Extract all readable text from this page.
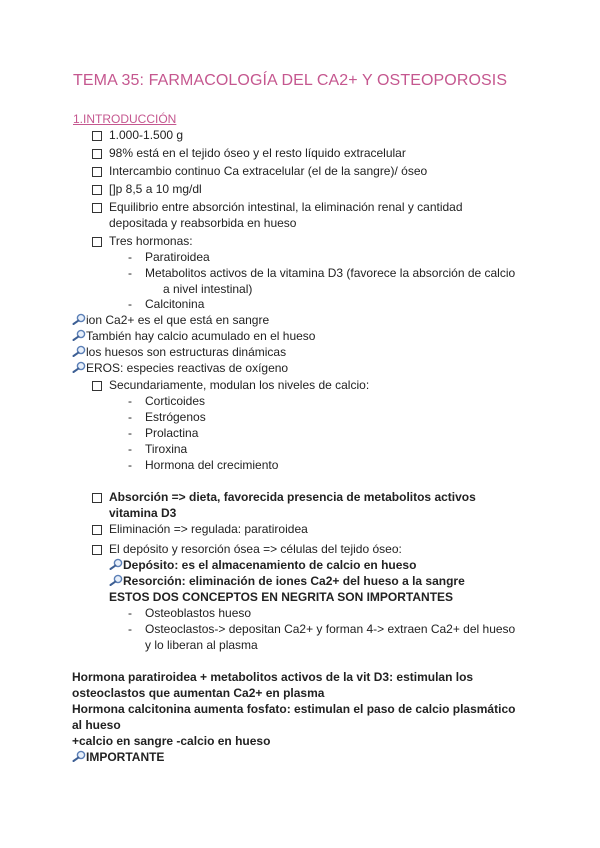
TEMA 35: FARMACOLOGÍA DEL CA2+ Y OSTEOPOROSIS
1.INTRODUCCIÓN
1.000-1.500 g
98% está en el tejido óseo y el resto líquido extracelular
Intercambio continuo Ca extracelular (el de la sangre)/ óseo
[]p 8,5 a 10 mg/dl
Equilibrio entre absorción intestinal, la eliminación renal y cantidad
depositada y reabsorbida en hueso
Tres hormonas:
- Paratiroidea
- Metabolitos activos de la vitamina D3 (favorece la absorción de calcio
a nivel intestinal)
- Calcitonina
ion Ca2+ es el que está en sangre
También hay calcio acumulado en el hueso
los huesos son estructuras dinámicas
EROS: especies reactivas de oxígeno
Secundariamente, modulan los niveles de calcio:
- Corticoides
- Estrógenos
- Prolactina
- Tiroxina
- Hormona del crecimiento
Absorción => dieta, favorecida presencia de metabolitos activos
vitamina D3
Eliminación => regulada: paratiroidea
El depósito y resorción ósea => células del tejido óseo:
Depósito: es el almacenamiento de calcio en hueso
Resorción: eliminación de iones Ca2+ del hueso a la sangre
ESTOS DOS CONCEPTOS EN NEGRITA SON IMPORTANTES
- Osteoblastos hueso
- Osteoclastos-> depositan Ca2+ y forman 4-> extraen Ca2+ del hueso
y lo liberan al plasma
Hormona paratiroidea + metabolitos activos de la vit D3: estimulan los
osteoclastos que aumentan Ca2+ en plasma
Hormona calcitonina aumenta fosfato: estimulan el paso de calcio plasmático
al hueso
+calcio en sangre -calcio en hueso
IMPORTANTE
